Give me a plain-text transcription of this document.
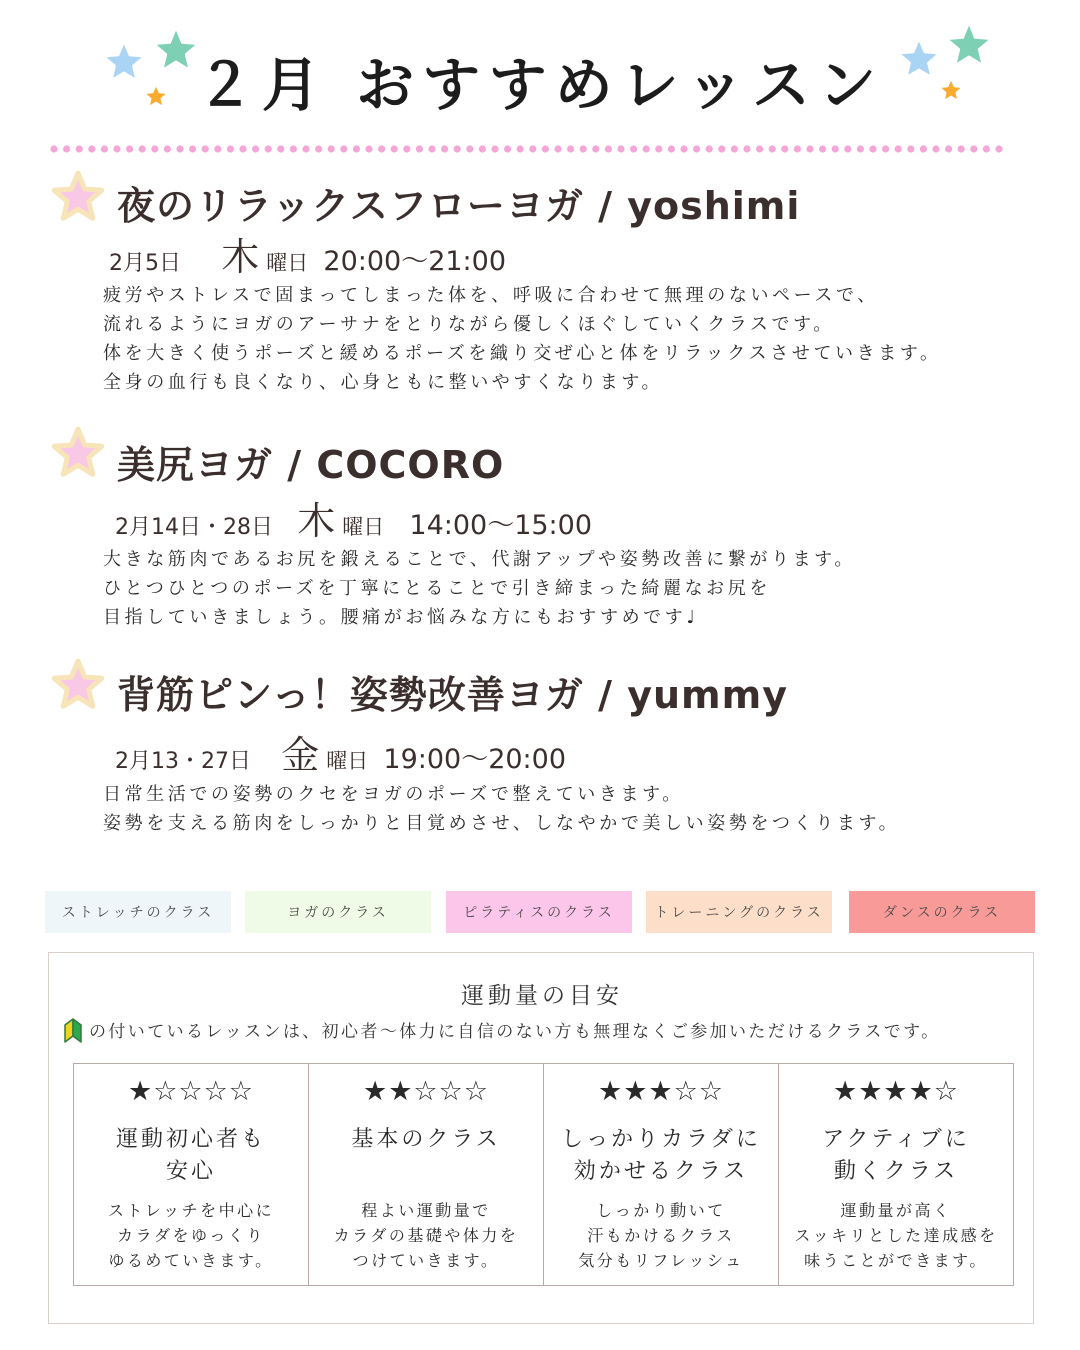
２月 おすすめレッスン
夜のリラックスフローヨガ / yoshimi
2月5日 木 曜日 20:00〜21:00
疲労やストレスで固まってしまった体を、呼吸に合わせて無理のないペースで、
流れるようにヨガのアーサナをとりながら優しくほぐしていくクラスです。
体を大きく使うポーズと緩めるポーズを織り交ぜ心と体をリラックスさせていきます。
全身の血行も良くなり、心身ともに整いやすくなります。
美尻ヨガ / COCORO
2月14日・28日 木 曜日 14:00〜15:00
大きな筋肉であるお尻を鍛えることで、代謝アップや姿勢改善に繋がります。
ひとつひとつのポーズを丁寧にとることで引き締まった綺麗なお尻を
目指していきましょう。腰痛がお悩みな方にもおすすめです♩
背筋ピンっ！姿勢改善ヨガ / yummy
2月13・27日 金 曜日 19:00〜20:00
日常生活での姿勢のクセをヨガのポーズで整えていきます。
姿勢を支える筋肉をしっかりと目覚めさせ、しなやかで美しい姿勢をつくります。
ストレッチのクラス	ヨガのクラス	ピラティスのクラス	トレーニングのクラス	ダンスのクラス
運動量の目安
の付いているレッスンは、初心者〜体力に自信のない方も無理なくご参加いただけるクラスです。
★☆☆☆☆
運動初心者も
安心
ストレッチを中心に
カラダをゆっくり
ゆるめていきます。
★★☆☆☆
基本のクラス
程よい運動量で
カラダの基礎や体力を
つけていきます。
★★★☆☆
しっかりカラダに
効かせるクラス
しっかり動いて
汗もかけるクラス
気分もリフレッシュ
★★★★☆
アクティブに
動くクラス
運動量が高く
スッキリとした達成感を
味うことができます。
